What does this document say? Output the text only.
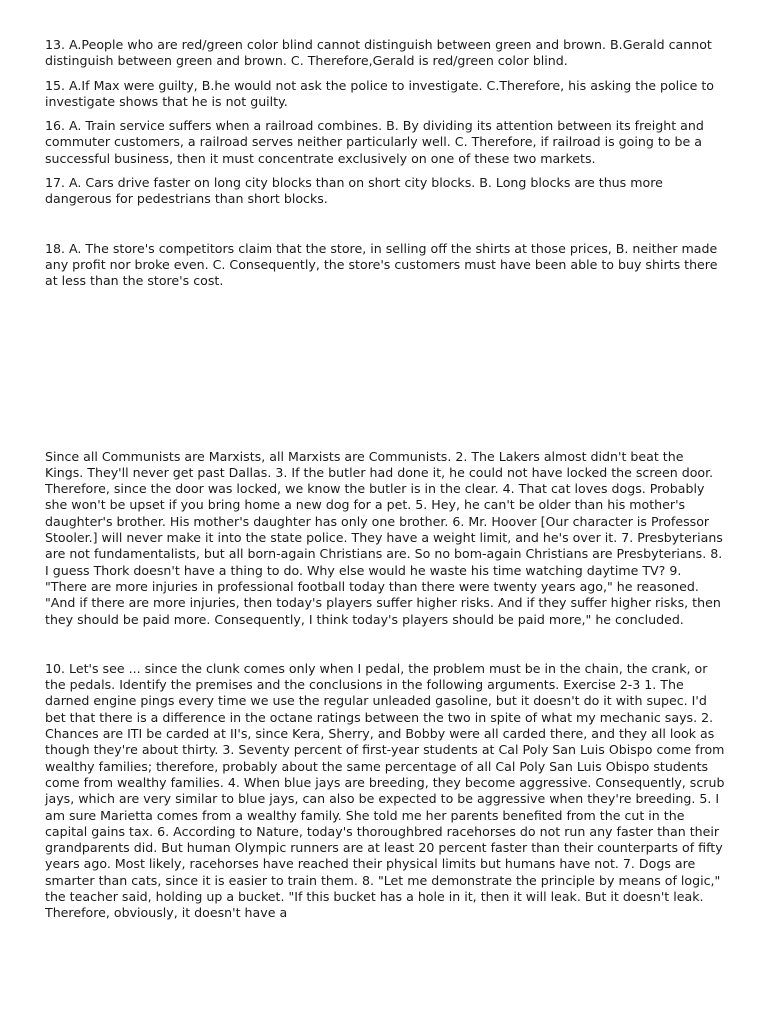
13. A.People who are red/green color blind cannot distinguish between green and brown. B.Gerald cannot distinguish between green and brown. C. Therefore,Gerald is red/green color blind.

15. A.If Max were guilty, B.he would not ask the police to investigate. C.Therefore, his asking the police to investigate shows that he is not guilty.

16. A. Train service suffers when a railroad combines. B. By dividing its attention between its freight and commuter customers, a railroad serves neither particularly well. C. Therefore, if railroad is going to be a successful business, then it must concentrate exclusively on one of these two markets.

17. A. Cars drive faster on long city blocks than on short city blocks. B. Long blocks are thus more dangerous for pedestrians than short blocks.

18. A. The store's competitors claim that the store, in selling off the shirts at those prices, B. neither made any profit nor broke even. C. Consequently, the store's customers must have been able to buy shirts there at less than the store's cost.

Since all Communists are Marxists, all Marxists are Communists. 2. The Lakers almost didn't beat the Kings. They'll never get past Dallas. 3. If the butler had done it, he could not have locked the screen door. Therefore, since the door was locked, we know the butler is in the clear. 4. That cat loves dogs. Probably she won't be upset if you bring home a new dog for a pet. 5. Hey, he can't be older than his mother's daughter's brother. His mother's daughter has only one brother. 6. Mr. Hoover [Our character is Professor Stooler.] will never make it into the state police. They have a weight limit, and he's over it. 7. Presbyterians are not fundamentalists, but all born-again Christians are. So no bom-again Christians are Presbyterians. 8. I guess Thork doesn't have a thing to do. Why else would he waste his time watching daytime TV? 9. "There are more injuries in professional football today than there were twenty years ago," he reasoned. "And if there are more injuries, then today's players suffer higher risks. And if they suffer higher risks, then they should be paid more. Consequently, I think today's players should be paid more," he concluded.

10. Let's see ... since the clunk comes only when I pedal, the problem must be in the chain, the crank, or the pedals. Identify the premises and the conclusions in the following arguments. Exercise 2-3 1. The darned engine pings every time we use the regular unleaded gasoline, but it doesn't do it with supec. I'd bet that there is a difference in the octane ratings between the two in spite of what my mechanic says. 2. Chances are ITI be carded at II's, since Kera, Sherry, and Bobby were all carded there, and they all look as though they're about thirty. 3. Seventy percent of first-year students at Cal Poly San Luis Obispo come from wealthy families; therefore, probably about the same percentage of all Cal Poly San Luis Obispo students come from wealthy families. 4. When blue jays are breeding, they become aggressive. Consequently, scrub jays, which are very similar to blue jays, can also be expected to be aggressive when they're breeding. 5. I am sure Marietta comes from a wealthy family. She told me her parents benefited from the cut in the capital gains tax. 6. According to Nature, today's thoroughbred racehorses do not run any faster than their grandparents did. But human Olympic runners are at least 20 percent faster than their counterparts of fifty years ago. Most likely, racehorses have reached their physical limits but humans have not. 7. Dogs are smarter than cats, since it is easier to train them. 8. "Let me demonstrate the principle by means of logic," the teacher said, holding up a bucket. "If this bucket has a hole in it, then it will leak. But it doesn't leak. Therefore, obviously, it doesn't have a
